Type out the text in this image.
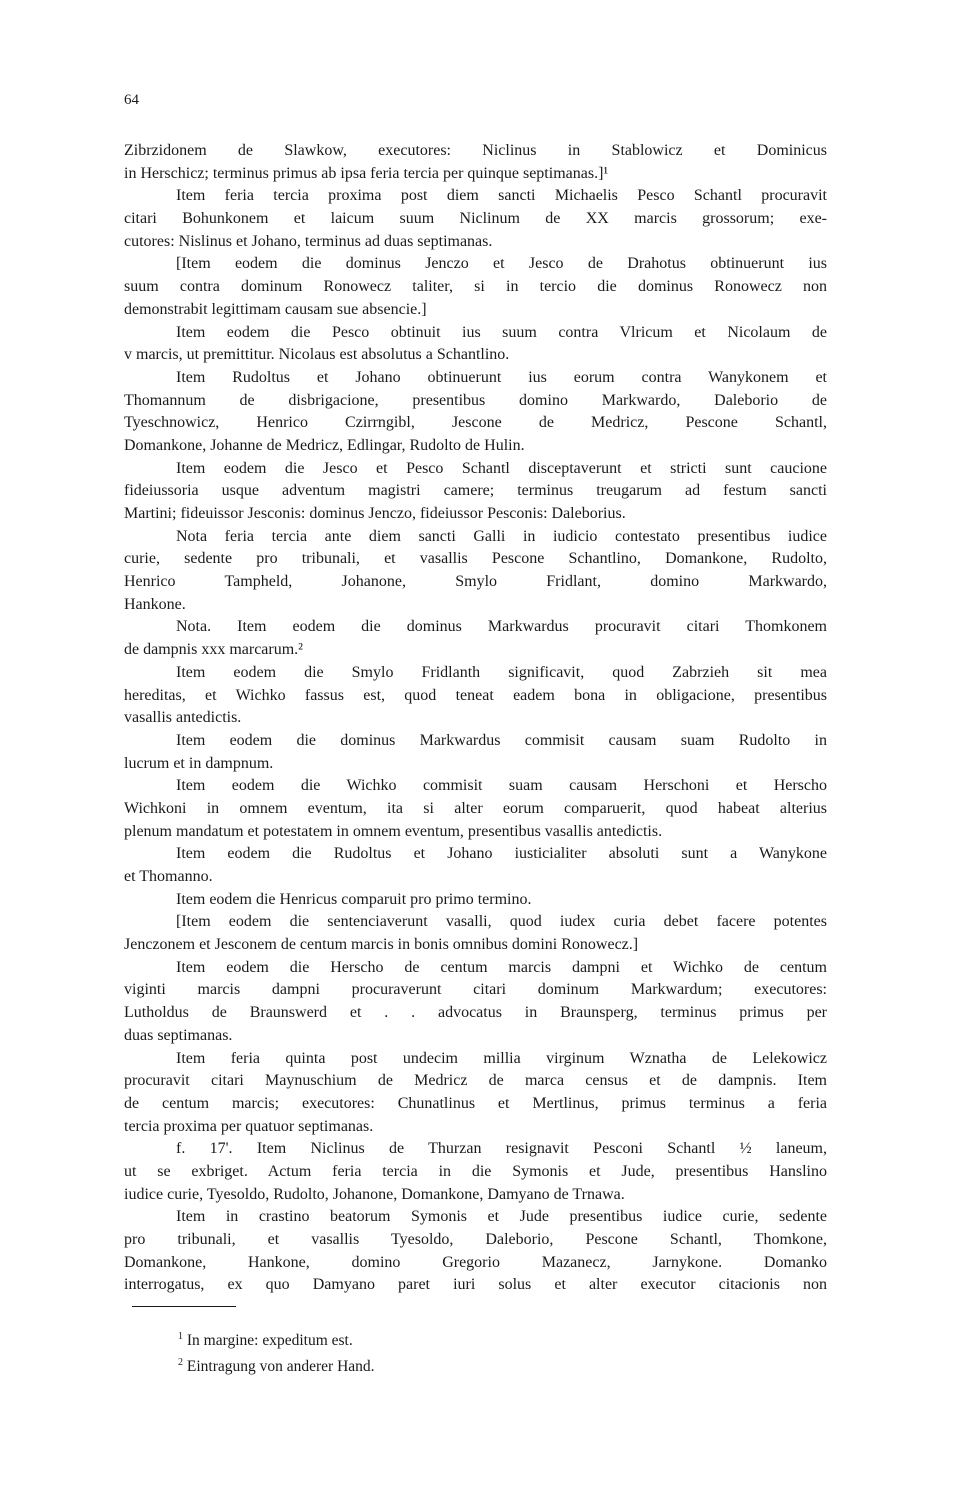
64
Zibrzidonem de Slawkow, executores: Niclinus in Stablowicz et Dominicus
in Herschicz; terminus primus ab ipsa feria tercia per quinque septimanas.]¹
Item feria tercia proxima post diem sancti Michaelis Pesco Schantl procuravit
citari Bohunkonem et laicum suum Niclinum de XX marcis grossorum; exe-
cutores: Nislinus et Johano, terminus ad duas septimanas.
[Item eodem die dominus Jenczo et Jesco de Drahotus obtinuerunt ius
suum contra dominum Ronowecz taliter, si in tercio die dominus Ronowecz non
demonstrabit legittimam causam sue absencie.]
Item eodem die Pesco obtinuit ius suum contra Vlricum et Nicolaum de
v marcis, ut premittitur. Nicolaus est absolutus a Schantlino.
Item Rudoltus et Johano obtinuerunt ius eorum contra Wanykonem et
Thomannum de disbrigacione, presentibus domino Markwardo, Daleborio de
Tyeschnowicz, Henrico Czirrngibl, Jescone de Medricz, Pescone Schantl,
Domankone, Johanne de Medricz, Edlingar, Rudolto de Hulin.
Item eodem die Jesco et Pesco Schantl disceptaverunt et stricti sunt caucione
fideiussoria usque adventum magistri camere; terminus treugarum ad festum sancti
Martini; fideuissor Jesconis: dominus Jenczo, fideiussor Pesconis: Daleborius.
Nota feria tercia ante diem sancti Galli in iudicio contestato presentibus iudice
curie, sedente pro tribunali, et vasallis Pescone Schantlino, Domankone, Rudolto,
Henrico Tampheld, Johanone, Smylo Fridlant, domino Markwardo,
Hankone.
Nota. Item eodem die dominus Markwardus procuravit citari Thomkonem
de dampnis xxx marcarum.²
Item eodem die Smylo Fridlanth significavit, quod Zabrzieh sit mea
hereditas, et Wichko fassus est, quod teneat eadem bona in obligacione, presentibus
vasallis antedictis.
Item eodem die dominus Markwardus commisit causam suam Rudolto in
lucrum et in dampnum.
Item eodem die Wichko commisit suam causam Herschoni et Herscho
Wichkoni in omnem eventum, ita si alter eorum comparuerit, quod habeat alterius
plenum mandatum et potestatem in omnem eventum, presentibus vasallis antedictis.
Item eodem die Rudoltus et Johano iusticialiter absoluti sunt a Wanykone
et Thomanno.
Item eodem die Henricus comparuit pro primo termino.
[Item eodem die sentenciaverunt vasalli, quod iudex curia debet facere potentes
Jenczonem et Jesconem de centum marcis in bonis omnibus domini Ronowecz.]
Item eodem die Herscho de centum marcis dampni et Wichko de centum
viginti marcis dampni procuraverunt citari dominum Markwardum; executores:
Lutholdus de Braunswerd et . . advocatus in Braunsperg, terminus primus per
duas septimanas.
Item feria quinta post undecim millia virginum Wznatha de Lelekowicz
procuravit citari Maynuschium de Medricz de marca census et de dampnis. Item
de centum marcis; executores: Chunatlinus et Mertlinus, primus terminus a feria
tercia proxima per quatuor septimanas.
f. 17'. Item Niclinus de Thurzan resignavit Pesconi Schantl ½ laneum,
ut se exbriget. Actum feria tercia in die Symonis et Jude, presentibus Hanslino
iudice curie, Tyesoldo, Rudolto, Johanone, Domankone, Damyano de Trnawa.
Item in crastino beatorum Symonis et Jude presentibus iudice curie, sedente
pro tribunali, et vasallis Tyesoldo, Daleborio, Pescone Schantl, Thomkone,
Domankone, Hankone, domino Gregorio Mazanecz, Jarnykone. Domanko
interrogatus, ex quo Damyano paret iuri solus et alter executor citacionis non
$^1$ In margine: expeditum est.
$^2$ Eintragung von anderer Hand.
